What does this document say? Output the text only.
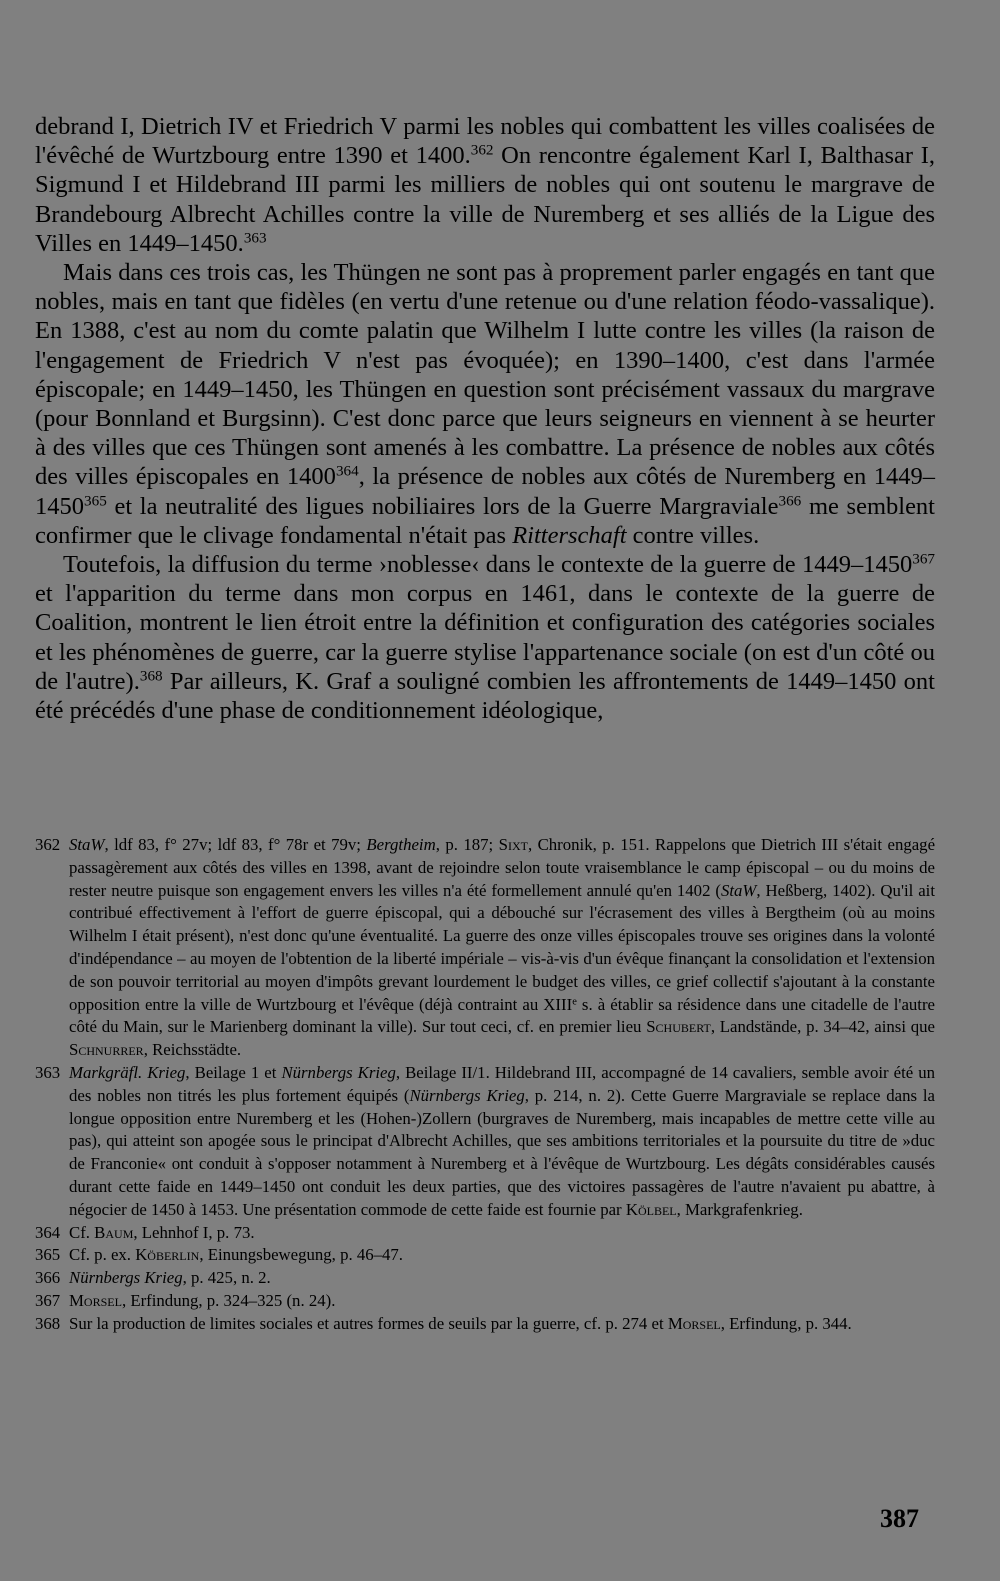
debrand I, Dietrich IV et Friedrich V parmi les nobles qui combattent les villes coalisées de l'évêché de Wurtzbourg entre 1390 et 1400.$^{362}$ On rencontre également Karl I, Balthasar I, Sigmund I et Hildebrand III parmi les milliers de nobles qui ont soutenu le margrave de Brandebourg Albrecht Achilles contre la ville de Nuremberg et ses alliés de la Ligue des Villes en 1449–1450.$^{363}$

Mais dans ces trois cas, les Thüngen ne sont pas à proprement parler engagés en tant que nobles, mais en tant que fidèles (en vertu d'une retenue ou d'une relation féodo-vassalique). En 1388, c'est au nom du comte palatin que Wilhelm I lutte contre les villes (la raison de l'engagement de Friedrich V n'est pas évoquée); en 1390–1400, c'est dans l'armée épiscopale; en 1449–1450, les Thüngen en question sont précisément vassaux du margrave (pour Bonnland et Burgsinn). C'est donc parce que leurs seigneurs en viennent à se heurter à des villes que ces Thüngen sont amenés à les combattre. La présence de nobles aux côtés des villes épiscopales en 1400$^{364}$, la présence de nobles aux côtés de Nuremberg en 1449–1450$^{365}$ et la neutralité des ligues nobiliaires lors de la Guerre Margraviale$^{366}$ me semblent confirmer que le clivage fondamental n'était pas Ritterschaft contre villes.

Toutefois, la diffusion du terme ›noblesse‹ dans le contexte de la guerre de 1449–1450$^{367}$ et l'apparition du terme dans mon corpus en 1461, dans le contexte de la guerre de Coalition, montrent le lien étroit entre la définition et configuration des catégories sociales et les phénomènes de guerre, car la guerre stylise l'appartenance sociale (on est d'un côté ou de l'autre).$^{368}$ Par ailleurs, K. Graf a souligné combien les affrontements de 1449–1450 ont été précédés d'une phase de conditionnement idéologique,

362 StaW, ldf 83, f° 27v; ldf 83, f° 78r et 79v; Bergtheim, p. 187; Sixt, Chronik, p. 151. Rappelons que Dietrich III s'était engagé passagèrement aux côtés des villes en 1398, avant de rejoindre selon toute vraisemblance le camp épiscopal – ou du moins de rester neutre puisque son engagement envers les villes n'a été formellement annulé qu'en 1402 (StaW, Heßberg, 1402). Qu'il ait contribué effectivement à l'effort de guerre épiscopal, qui a débouché sur l'écrasement des villes à Bergtheim (où au moins Wilhelm I était présent), n'est donc qu'une éventualité. La guerre des onze villes épiscopales trouve ses origines dans la volonté d'indépendance – au moyen de l'obtention de la liberté impériale – vis-à-vis d'un évêque finançant la consolidation et l'extension de son pouvoir territorial au moyen d'impôts grevant lourdement le budget des villes, ce grief collectif s'ajoutant à la constante opposition entre la ville de Wurtzbourg et l'évêque (déjà contraint au XIIIe s. à établir sa résidence dans une citadelle de l'autre côté du Main, sur le Marienberg dominant la ville). Sur tout ceci, cf. en premier lieu Schubert, Landstände, p. 34–42, ainsi que Schnurrer, Reichsstädte.
363 Markgräfl. Krieg, Beilage 1 et Nürnbergs Krieg, Beilage II/1. Hildebrand III, accompagné de 14 cavaliers, semble avoir été un des nobles non titrés les plus fortement équipés (Nürnbergs Krieg, p. 214, n. 2). Cette Guerre Margraviale se replace dans la longue opposition entre Nuremberg et les (Hohen-)Zollern (burgraves de Nuremberg, mais incapables de mettre cette ville au pas), qui atteint son apogée sous le principat d'Albrecht Achilles, que ses ambitions territoriales et la poursuite du titre de »duc de Franconie« ont conduit à s'opposer notamment à Nuremberg et à l'évêque de Wurtzbourg. Les dégâts considérables causés durant cette faide en 1449–1450 ont conduit les deux parties, que des victoires passagères de l'autre n'avaient pu abattre, à négocier de 1450 à 1453. Une présentation commode de cette faide est fournie par Kölbel, Markgrafenkrieg.
364 Cf. Baum, Lehnhof I, p. 73.
365 Cf. p. ex. Köberlin, Einungsbewegung, p. 46–47.
366 Nürnbergs Krieg, p. 425, n. 2.
367 Morsel, Erfindung, p. 324–325 (n. 24).
368 Sur la production de limites sociales et autres formes de seuils par la guerre, cf. p. 274 et Morsel, Erfindung, p. 344.
387
